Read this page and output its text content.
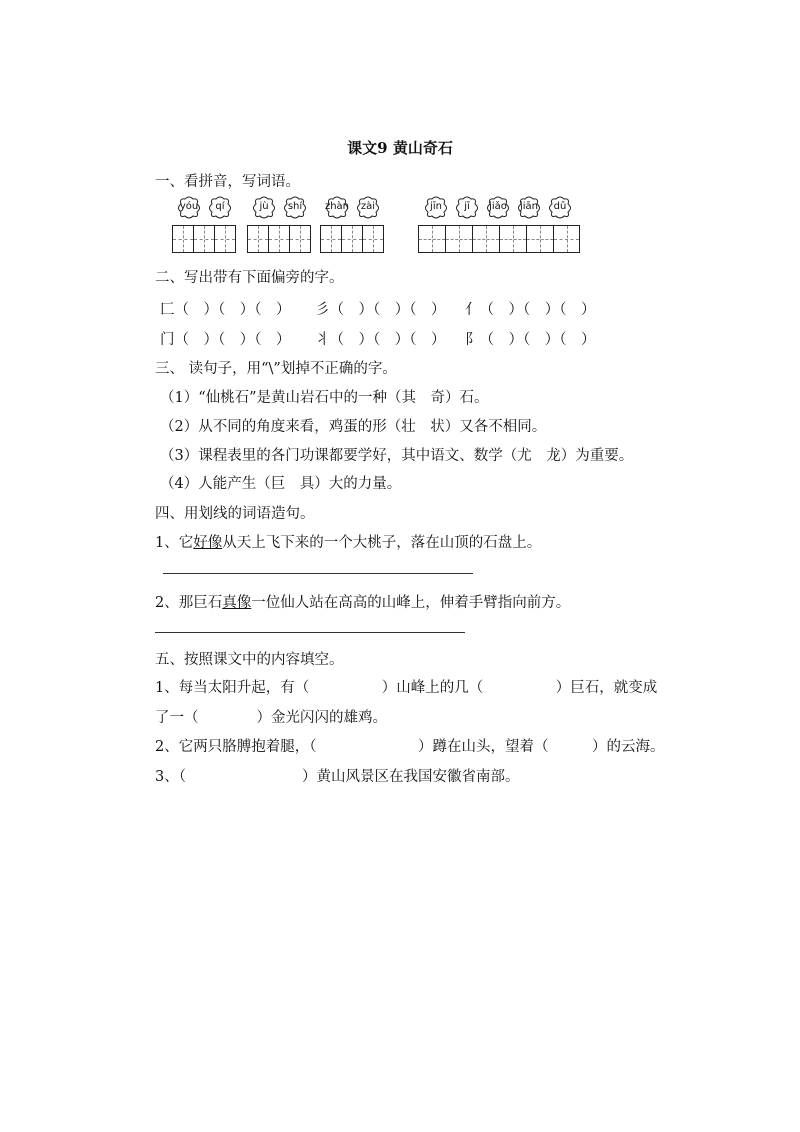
课文9 黄山奇石
一、看拼音，写词语。
yóu	qí	jù	shí	zhàn	zài	jīn	jī	jiǎo	jiān	dǔ
二、写出带有下面偏旁的字。
匚（　）（　）（　） 彡（　）（　）（　） 亻（　）（　）（　）
门（　）（　）（　） 丬（　）（　）（　） 阝（　）（　）（　）
三、 读句子，用“\”划掉不正确的字。
（1）“仙桃石”是黄山岩石中的一种（其　奇）石。
（2）从不同的角度来看，鸡蛋的形（壮　状）又各不相同。
（3）课程表里的各门功课都要学好，其中语文、数学（尤　龙）为重要。
（4）人能产生（巨　具）大的力量。
四、用划线的词语造句。
1、它好像从天上飞下来的一个大桃子，落在山顶的石盘上。
2、那巨石真像一位仙人站在高高的山峰上，伸着手臂指向前方。
五、按照课文中的内容填空。
1、每当太阳升起，有（　　　　　）山峰上的几（　　　　　）巨石，就变成
了一（　　　　）金光闪闪的雄鸡。
2、它两只胳膊抱着腿，（　　　　　　　）蹲在山头，望着（　　　）的云海。
3、（　　　　　　　　）黄山风景区在我国安徽省南部。
